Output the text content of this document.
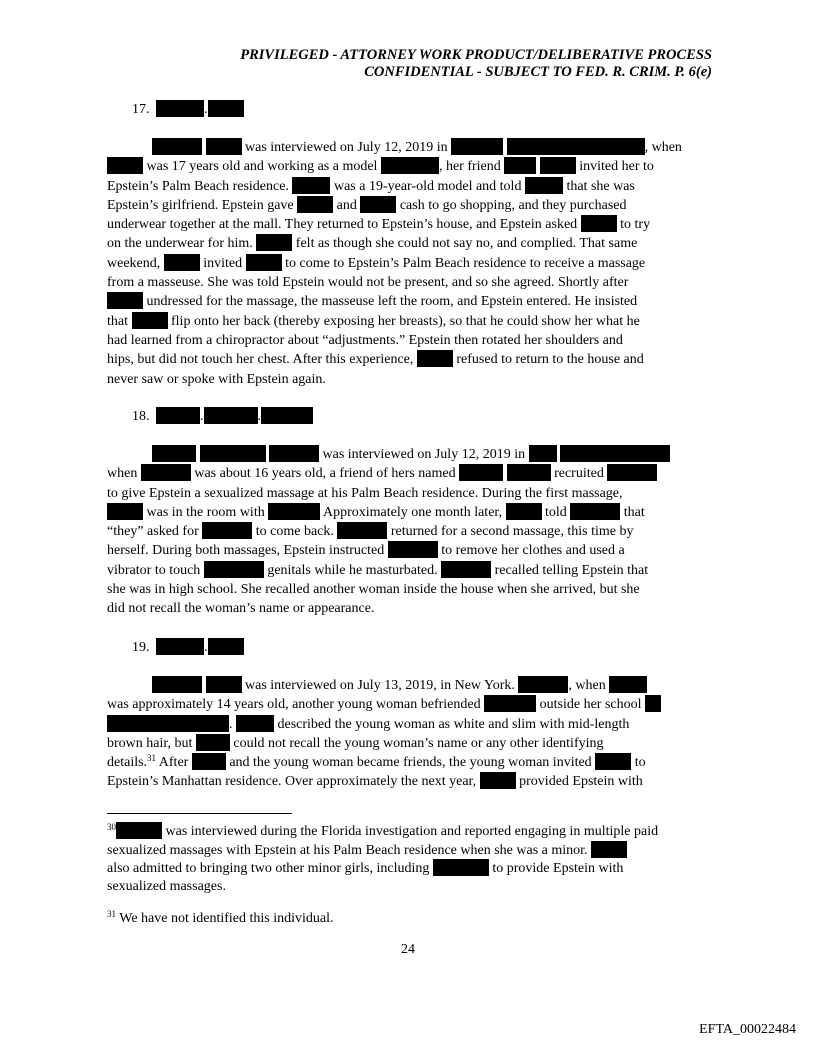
PRIVILEGED - ATTORNEY WORK PRODUCT/DELIBERATIVE PROCESS
CONFIDENTIAL - SUBJECT TO FED. R. CRIM. P. 6(e)
17.	.
was interviewed on July 12, 2019 in	, when
was 17 years old and working as a model	, her friend	invited her to
Epstein’s Palm Beach residence.	was a 19-year-old model and told	that she was
Epstein’s girlfriend. Epstein gave	and	cash to go shopping, and they purchased
underwear together at the mall. They returned to Epstein’s house, and Epstein asked	to try
on the underwear for him.	felt as though she could not say no, and complied. That same
weekend,	invited	to come to Epstein’s Palm Beach residence to receive a massage
from a masseuse. She was told Epstein would not be present, and so she agreed. Shortly after
undressed for the massage, the masseuse left the room, and Epstein entered. He insisted
that	flip onto her back (thereby exposing her breasts), so that he could show her what he
had learned from a chiropractor about “adjustments.” Epstein then rotated her shoulders and
hips, but did not touch her chest. After this experience,	refused to return to the house and
never saw or spoke with Epstein again.
18.	.	.
was interviewed on July 12, 2019 in
when	was about 16 years old, a friend of hers named	recruited
to give Epstein a sexualized massage at his Palm Beach residence. During the first massage,
was in the room with	Approximately one month later,	told	that
“they” asked for	to come back.	returned for a second massage, this time by
herself. During both massages, Epstein instructed	to remove her clothes and used a
vibrator to touch	genitals while he masturbated.	recalled telling Epstein that
she was in high school. She recalled another woman inside the house when she arrived, but she
did not recall the woman’s name or appearance.
19.	.
was interviewed on July 13, 2019, in New York.	, when
was approximately 14 years old, another young woman befriended	outside her school
.	described the young woman as white and slim with mid-length
brown hair, but	could not recall the young woman’s name or any other identifying
details.$^{31}$ After	and the young woman became friends, the young woman invited	to
Epstein’s Manhattan residence. Over approximately the next year,	provided Epstein with
$^{30}$	was interviewed during the Florida investigation and reported engaging in multiple paid
sexualized massages with Epstein at his Palm Beach residence when she was a minor.
also admitted to bringing two other minor girls, including	to provide Epstein with
sexualized massages.
$^{31}$ We have not identified this individual.
24
EFTA_00022484
